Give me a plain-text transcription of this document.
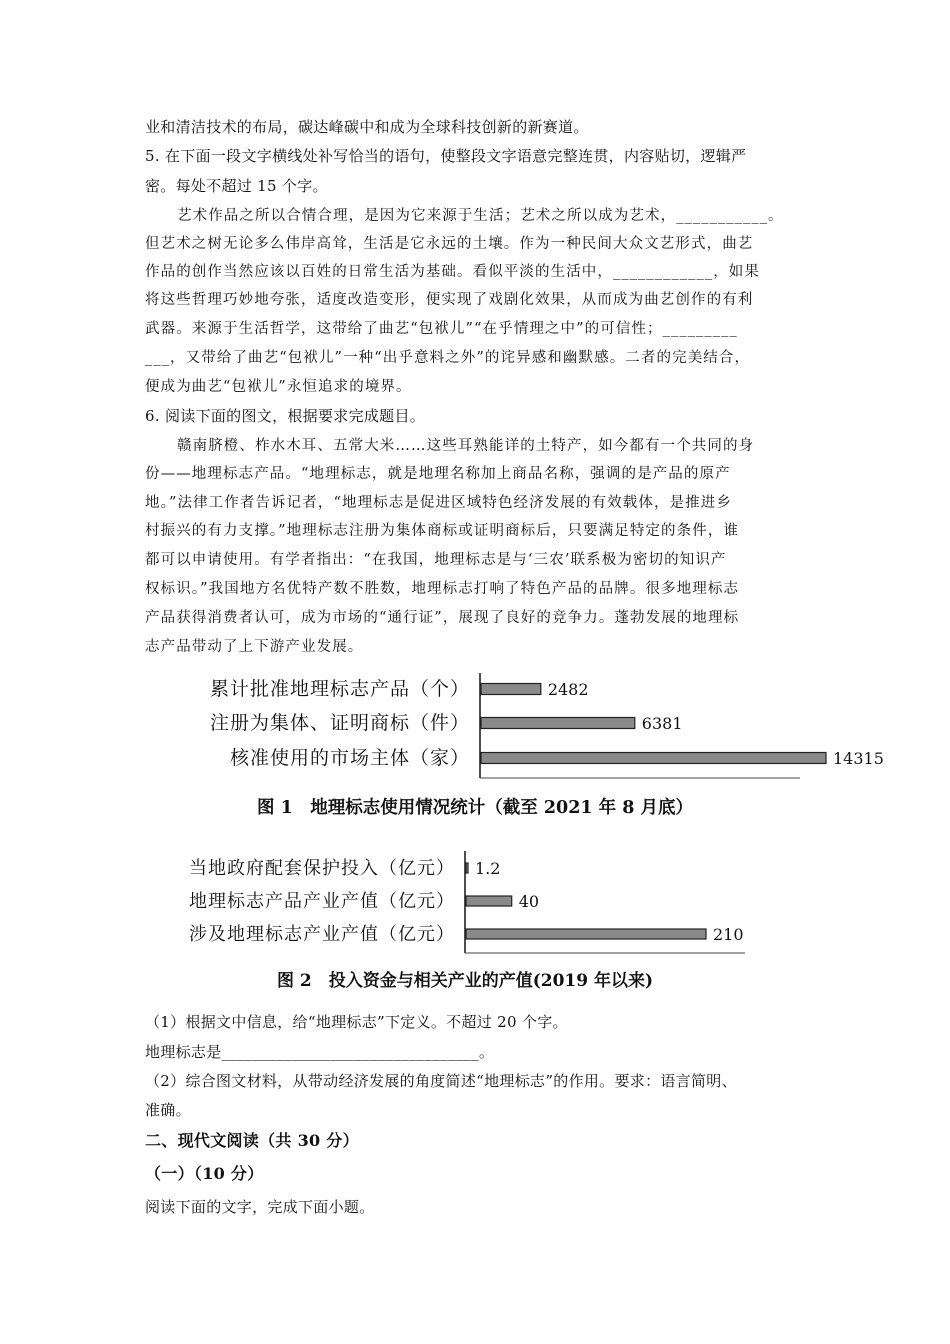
业和清洁技术的布局，碳达峰碳中和成为全球科技创新的新赛道。
5. 在下面一段文字横线处补写恰当的语句，使整段文字语意完整连贯，内容贴切，逻辑严
密。每处不超过 15 个字。
艺术作品之所以合情合理，是因为它来源于生活；艺术之所以成为艺术，___________。
但艺术之树无论多么伟岸高耸，生活是它永远的土壤。作为一种民间大众文艺形式，曲艺
作品的创作当然应该以百姓的日常生活为基础。看似平淡的生活中，____________，如果
将这些哲理巧妙地夸张，适度改造变形，便实现了戏剧化效果，从而成为曲艺创作的有利
武器。来源于生活哲学，这带给了曲艺“包袱儿”“在乎情理之中”的可信性；_________
___，又带给了曲艺“包袱儿”一种“出乎意料之外”的诧异感和幽默感。二者的完美结合，
便成为曲艺“包袱儿”永恒追求的境界。
6. 阅读下面的图文，根据要求完成题目。
赣南脐橙、柞水木耳、五常大米……这些耳熟能详的土特产，如今都有一个共同的身
份——地理标志产品。“地理标志，就是地理名称加上商品名称，强调的是产品的原产
地。”法律工作者告诉记者，“地理标志是促进区域特色经济发展的有效载体，是推进乡
村振兴的有力支撑。”地理标志注册为集体商标或证明商标后，只要满足特定的条件，谁
都可以申请使用。有学者指出：“在我国，地理标志是与‘三农’联系极为密切的知识产
权标识。”我国地方名优特产数不胜数，地理标志打响了特色产品的品牌。很多地理标志
产品获得消费者认可，成为市场的“通行证”，展现了良好的竞争力。蓬勃发展的地理标
志产品带动了上下游产业发展。
累计批准地理标志产品（个）	2482
注册为集体、证明商标（件）	6381
核准使用的市场主体（家）	14315
图 1　地理标志使用情况统计（截至 2021 年 8 月底）
当地政府配套保护投入（亿元） 1.2
地理标志产品产业产值（亿元）	40
涉及地理标志产业产值（亿元）	210
图 2　投入资金与相关产业的产值(2019 年以来)
（1）根据文中信息，给“地理标志”下定义。不超过 20 个字。
地理标志是_________________________________。
（2）综合图文材料，从带动经济发展的角度简述“地理标志”的作用。要求：语言简明、
准确。
二、现代文阅读（共 30 分）
（一）（10 分）
阅读下面的文字，完成下面小题。
